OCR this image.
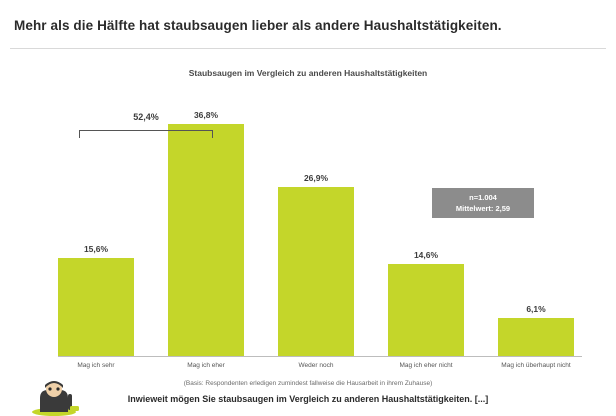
Mehr als die Hälfte hat staubsaugen lieber als andere Haushaltstätigkeiten.
Staubsaugen im Vergleich zu anderen Haushaltstätigkeiten
15,6%
36,8%
26,9%
14,6%
6,1%
Mag ich sehr	Mag ich eher	Weder noch	Mag ich eher nicht	Mag ich überhaupt nicht
52,4%
n=1.004
Mittelwert: 2,59
(Basis: Respondenten erledigen zumindest fallweise die Hausarbeit in ihrem Zuhause)
Inwieweit mögen Sie staubsaugen im Vergleich zu anderen Haushaltstätigkeiten. [...]
